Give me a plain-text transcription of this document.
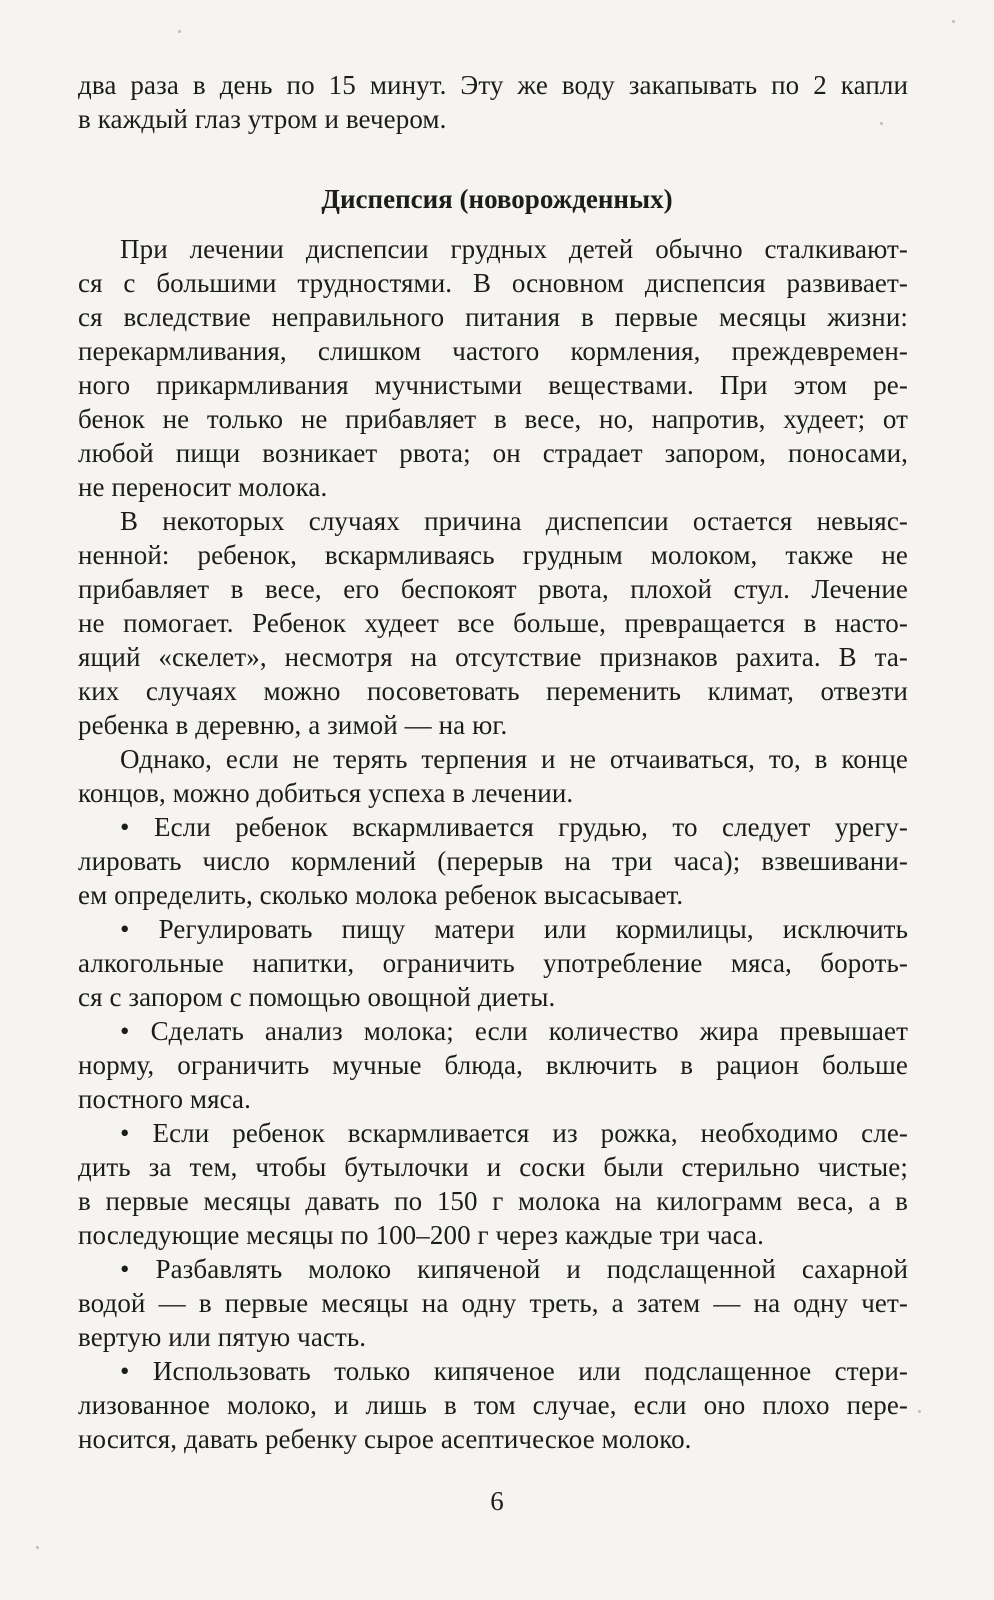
два раза в день по 15 минут. Эту же воду закапывать по 2 капли
в каждый глаз утром и вечером.
Диспепсия (новорожденных)
При лечении диспепсии грудных детей обычно сталкивают-
ся с большими трудностями. В основном диспепсия развивает-
ся вследствие неправильного питания в первые месяцы жизни:
перекармливания, слишком частого кормления, преждевремен-
ного прикармливания мучнистыми веществами. При этом ре-
бенок не только не прибавляет в весе, но, напротив, худеет; от
любой пищи возникает рвота; он страдает запором, поносами,
не переносит молока.
В некоторых случаях причина диспепсии остается невыяс-
ненной: ребенок, вскармливаясь грудным молоком, также не
прибавляет в весе, его беспокоят рвота, плохой стул. Лечение
не помогает. Ребенок худеет все больше, превращается в насто-
ящий «скелет», несмотря на отсутствие признаков рахита. В та-
ких случаях можно посоветовать переменить климат, отвезти
ребенка в деревню, а зимой — на юг.
Однако, если не терять терпения и не отчаиваться, то, в конце
концов, можно добиться успеха в лечении.
• Если ребенок вскармливается грудью, то следует урегу-
лировать число кормлений (перерыв на три часа); взвешивани-
ем определить, сколько молока ребенок высасывает.
• Регулировать пищу матери или кормилицы, исключить
алкогольные напитки, ограничить употребление мяса, бороть-
ся с запором с помощью овощной диеты.
• Сделать анализ молока; если количество жира превышает
норму, ограничить мучные блюда, включить в рацион больше
постного мяса.
• Если ребенок вскармливается из рожка, необходимо сле-
дить за тем, чтобы бутылочки и соски были стерильно чистые;
в первые месяцы давать по 150 г молока на килограмм веса, а в
последующие месяцы по 100–200 г через каждые три часа.
• Разбавлять молоко кипяченой и подслащенной сахарной
водой — в первые месяцы на одну треть, а затем — на одну чет-
вертую или пятую часть.
• Использовать только кипяченое или подслащенное стери-
лизованное молоко, и лишь в том случае, если оно плохо пере-
носится, давать ребенку сырое асептическое молоко.
6
